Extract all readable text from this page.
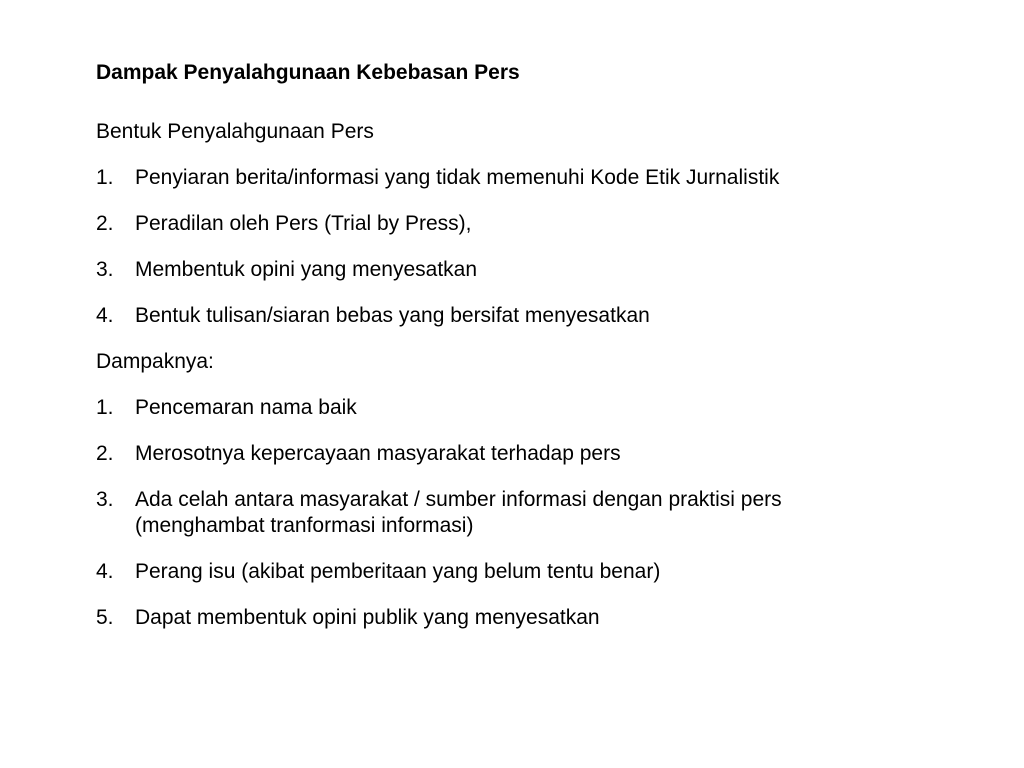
Dampak Penyalahgunaan Kebebasan Pers
Bentuk Penyalahgunaan Pers
1. Penyiaran berita/informasi yang tidak memenuhi Kode Etik Jurnalistik
2. Peradilan oleh Pers (Trial by Press),
3. Membentuk opini yang menyesatkan
4. Bentuk tulisan/siaran bebas yang bersifat menyesatkan
Dampaknya:
1. Pencemaran nama baik
2. Merosotnya kepercayaan masyarakat terhadap pers
3. Ada celah antara masyarakat / sumber informasi dengan praktisi pers (menghambat tranformasi informasi)
4. Perang isu (akibat pemberitaan yang belum tentu benar)
5. Dapat membentuk opini publik yang menyesatkan
